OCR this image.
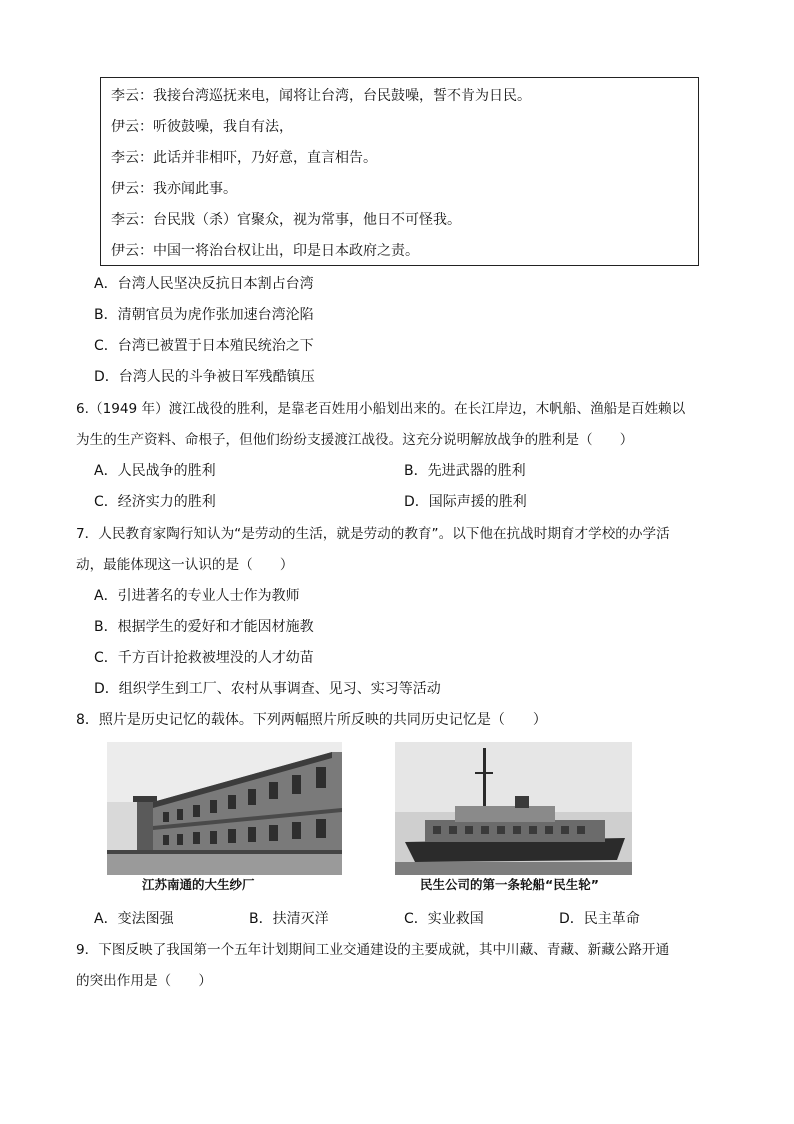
李云：我接台湾巡抚来电，闻将让台湾，台民鼓噪，誓不肯为日民。
伊云：听彼鼓噪，我自有法，
李云：此话并非相吓，乃好意，直言相告。
伊云：我亦闻此事。
李云：台民戕（杀）官聚众，视为常事，他日不可怪我。
伊云：中国一将治台权让出，印是日本政府之责。
A．台湾人民坚决反抗日本割占台湾
B．清朝官员为虎作张加速台湾沦陷
C．台湾已被置于日本殖民统治之下
D．台湾人民的斗争被日军残酷镇压
6.（1949 年）渡江战役的胜利，是靠老百姓用小船划出来的。在长江岸边，木帆船、渔船是百姓赖以
为生的生产资料、命根子，但他们纷纷支援渡江战役。这充分说明解放战争的胜利是（　　）
A．人民战争的胜利	B．先进武器的胜利
C．经济实力的胜利	D．国际声援的胜利
7．人民教育家陶行知认为“是劳动的生活，就是劳动的教育”。以下他在抗战时期育才学校的办学活
动，最能体现这一认识的是（　　）
A．引进著名的专业人士作为教师
B．根据学生的爱好和才能因材施教
C．千方百计抢救被埋没的人才幼苗
D．组织学生到工厂、农村从事调查、见习、实习等活动
8．照片是历史记忆的载体。下列两幅照片所反映的共同历史记忆是（　　）
江苏南通的大生纱厂	民生公司的第一条轮船“民生轮”
A．变法图强	B．扶清灭洋	C．实业救国	D．民主革命
9．下图反映了我国第一个五年计划期间工业交通建设的主要成就，其中川藏、青藏、新藏公路开通
的突出作用是（　　）
